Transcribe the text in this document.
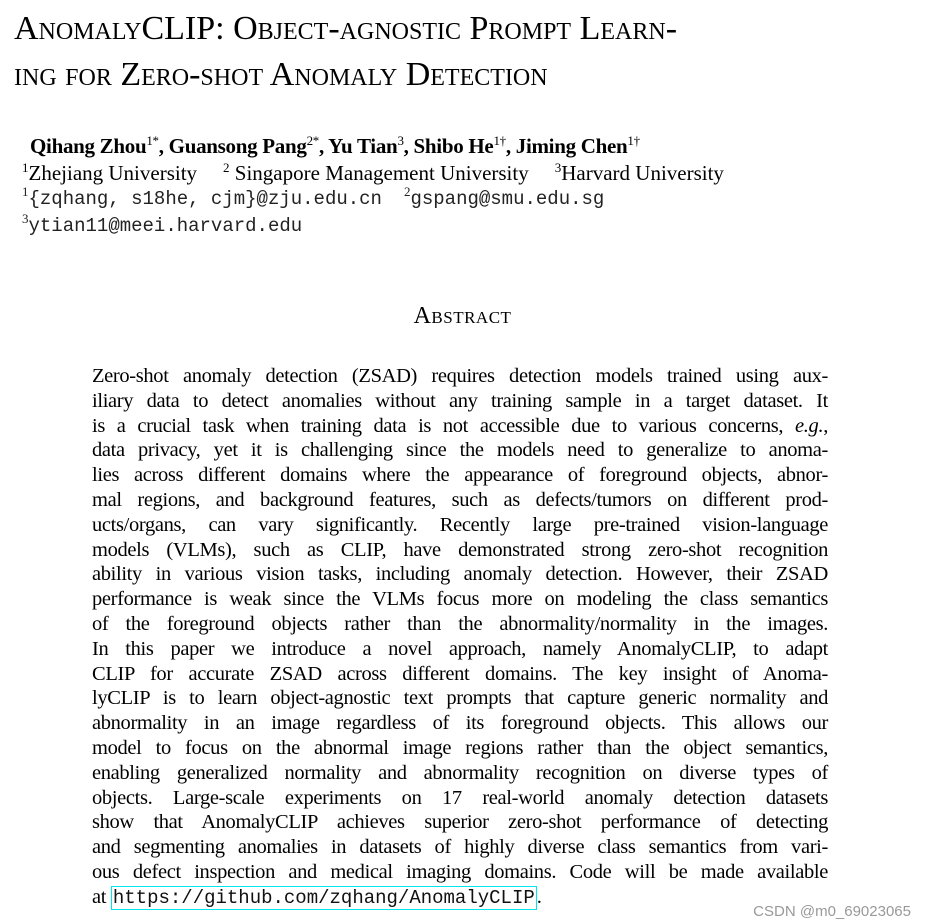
AnomalyCLIP: Object-agnostic Prompt Learn-
ing for Zero-shot Anomaly Detection
Qihang Zhou$^{1*}$, Guansong Pang$^{2*}$, Yu Tian$^3$, Shibo $He^{1\dagger}$, Jiming Chen$^{1\dagger}$
$^1$Zhejiang University $^2$ Singapore Management University $^3$Harvard University
$^1${zqhang, s18he, cjm}@zju.edu.cn $^2$gspang@smu.edu.sg
$^3$ytian11@meei.harvard.edu
Abstract
Zero-shot anomaly detection (ZSAD) requires detection models trained using aux-
iliary data to detect anomalies without any training sample in a target dataset. It
is a crucial task when training data is not accessible due to various concerns, e.g.,
data privacy, yet it is challenging since the models need to generalize to anoma-
lies across different domains where the appearance of foreground objects, abnor-
mal regions, and background features, such as defects/tumors on different prod-
ucts/organs, can vary significantly. Recently large pre-trained vision-language
models (VLMs), such as CLIP, have demonstrated strong zero-shot recognition
ability in various vision tasks, including anomaly detection. However, their ZSAD
performance is weak since the VLMs focus more on modeling the class semantics
of the foreground objects rather than the abnormality/normality in the images.
In this paper we introduce a novel approach, namely AnomalyCLIP, to adapt
CLIP for accurate ZSAD across different domains. The key insight of Anoma-
lyCLIP is to learn object-agnostic text prompts that capture generic normality and
abnormality in an image regardless of its foreground objects. This allows our
model to focus on the abnormal image regions rather than the object semantics,
enabling generalized normality and abnormality recognition on diverse types of
objects. Large-scale experiments on 17 real-world anomaly detection datasets
show that AnomalyCLIP achieves superior zero-shot performance of detecting
and segmenting anomalies in datasets of highly diverse class semantics from vari-
ous defect inspection and medical imaging domains. Code will be made available
at https://github.com/zqhang/AnomalyCLIP.
CSDN @m0_69023065
